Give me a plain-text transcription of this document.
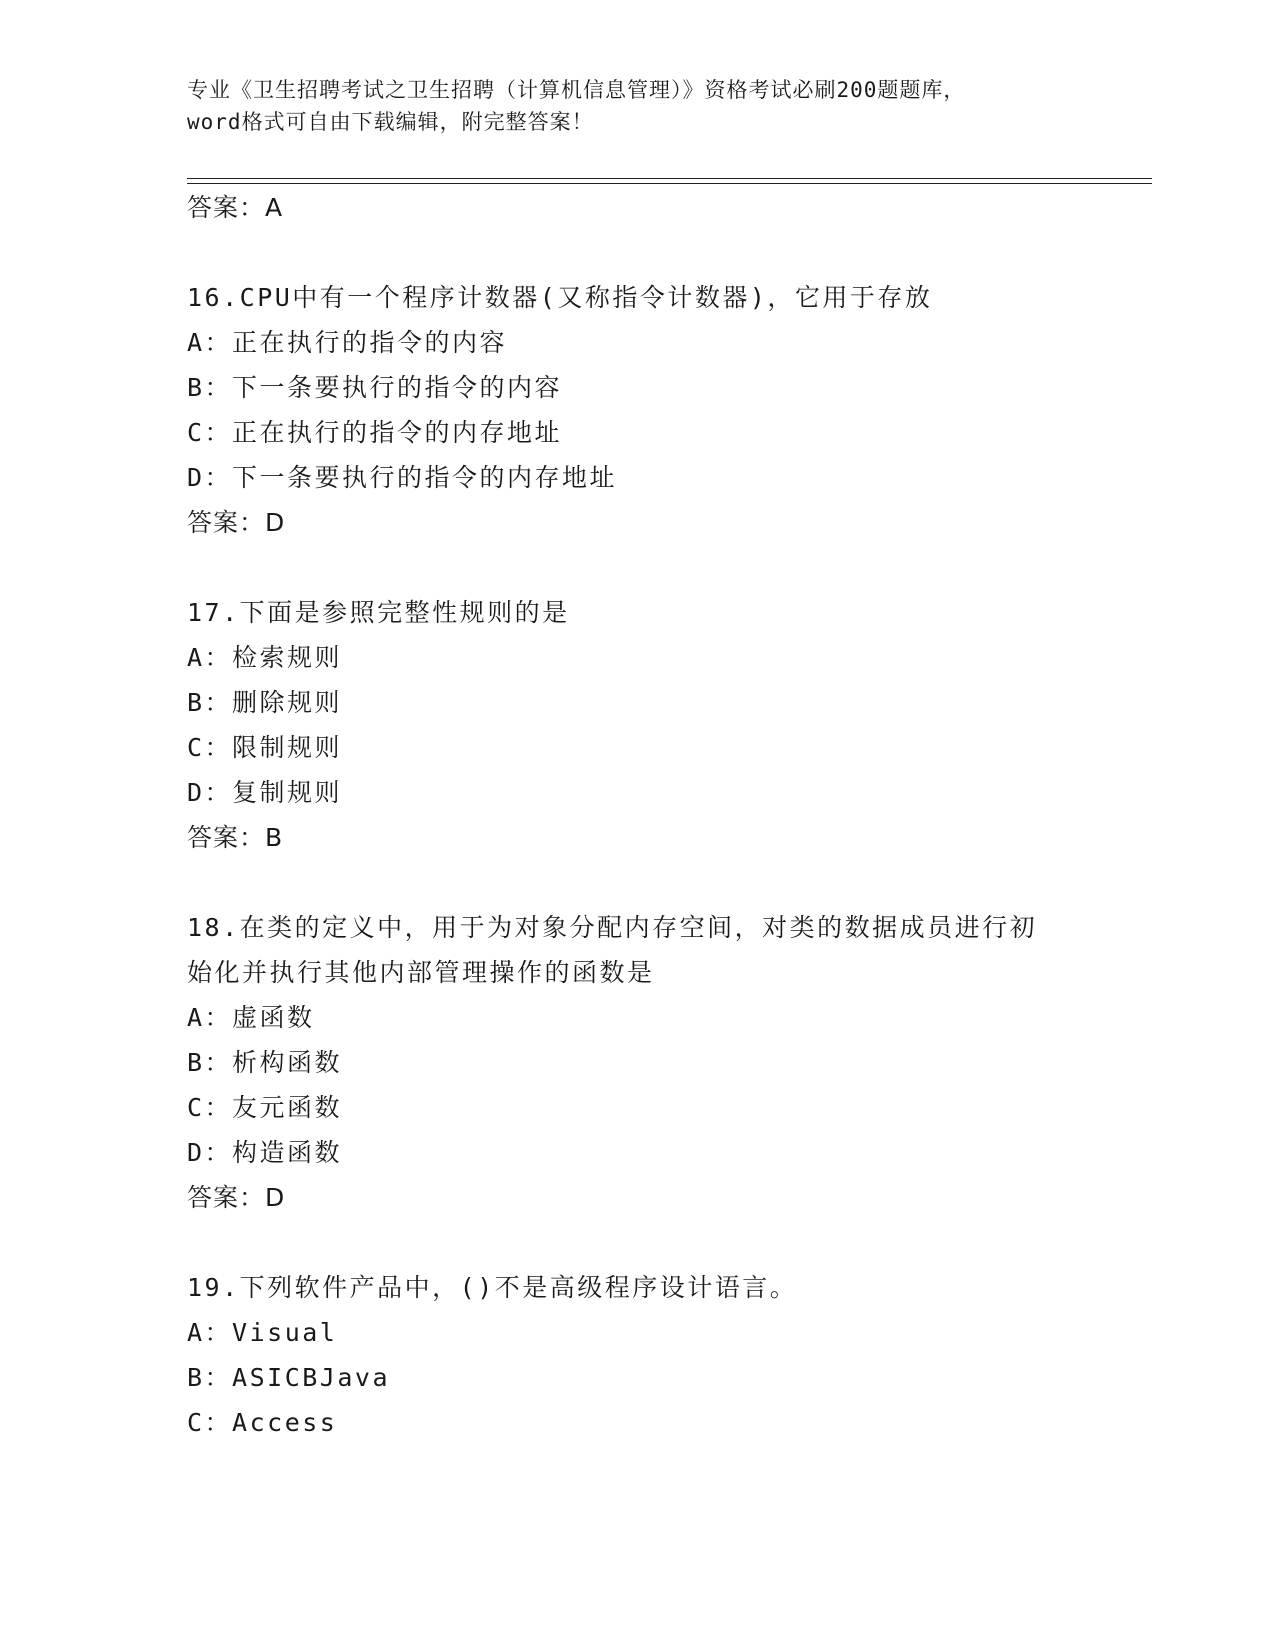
专业《卫生招聘考试之卫生招聘（计算机信息管理）》资格考试必刷200题题库，
word格式可自由下载编辑，附完整答案！
答案：A
16.CPU中有一个程序计数器(又称指令计数器)，它用于存放
A：正在执行的指令的内容
B：下一条要执行的指令的内容
C：正在执行的指令的内存地址
D：下一条要执行的指令的内存地址
答案：D
17.下面是参照完整性规则的是
A：检索规则
B：删除规则
C：限制规则
D：复制规则
答案：B
18.在类的定义中，用于为对象分配内存空间，对类的数据成员进行初
始化并执行其他内部管理操作的函数是
A：虚函数
B：析构函数
C：友元函数
D：构造函数
答案：D
19.下列软件产品中，()不是高级程序设计语言。
A：Visual
B：ASICBJava
C：Access
